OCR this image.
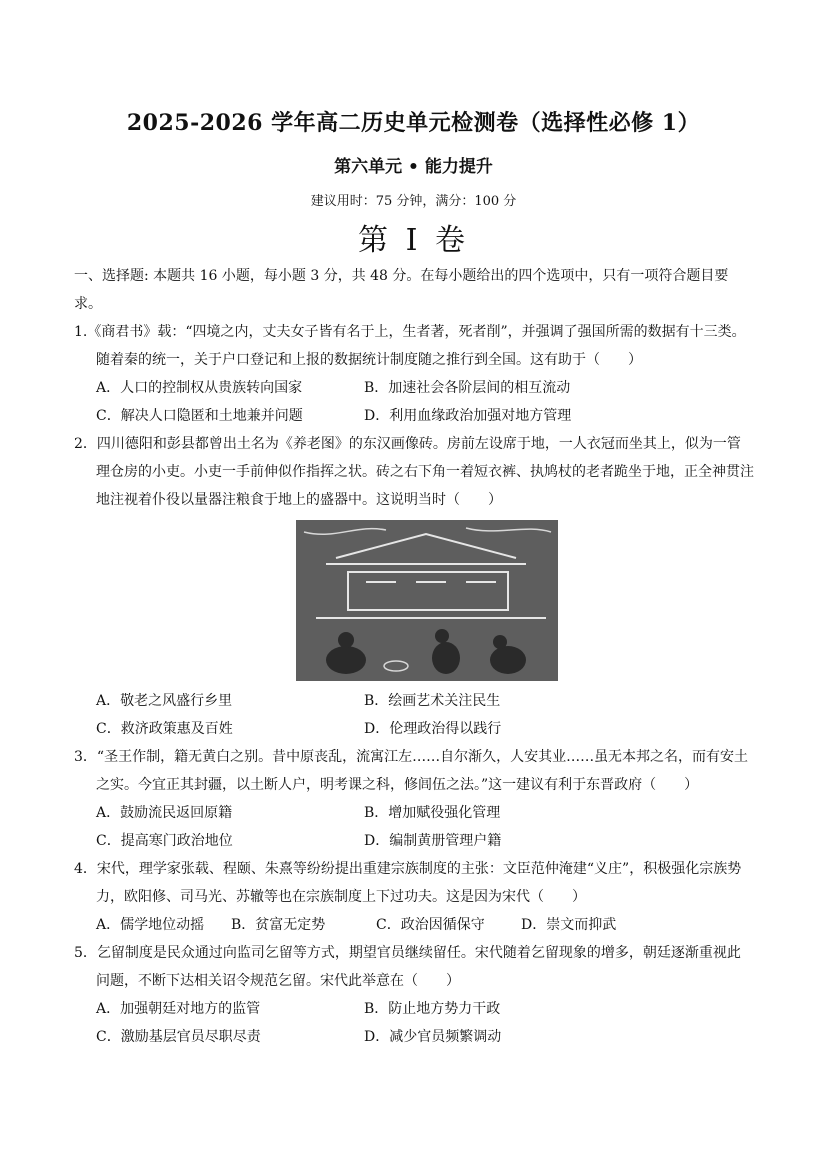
2025-2026 学年高二历史单元检测卷（选择性必修 1）
第六单元 • 能力提升
建议用时：75 分钟，满分：100 分
第 I 卷

一、选择题: 本题共 16 小题，每小题 3 分，共 48 分。在每小题给出的四个选项中，只有一项符合题目要求。

1.《商君书》载：“四境之内，丈夫女子皆有名于上，生者著，死者削”，并强调了强国所需的数据有十三类。随着秦的统一，关于户口登记和上报的数据统计制度随之推行到全国。这有助于（　　）

A．人口的控制权从贵族转向国家	B．加速社会各阶层间的相互流动
C．解决人口隐匿和土地兼并问题	D．利用血缘政治加强对地方管理

2．四川德阳和彭县都曾出土名为《养老图》的东汉画像砖。房前左设席于地，一人衣冠而坐其上，似为一管理仓房的小吏。小吏一手前伸似作指挥之状。砖之右下角一着短衣裤、执鸠杖的老者跪坐于地，正全神贯注地注视着仆役以量器注粮食于地上的盛器中。这说明当时（　　）

A．敬老之风盛行乡里	B．绘画艺术关注民生
C．救济政策惠及百姓	D．伦理政治得以践行

3．“圣王作制，籍无黄白之别。昔中原丧乱，流寓江左……自尔渐久，人安其业……虽无本邦之名，而有安土之实。今宜正其封疆，以土断人户，明考课之科，修闾伍之法。”这一建议有利于东晋政府（　　）

A．鼓励流民返回原籍	B．增加赋役强化管理
C．提高寒门政治地位	D．编制黄册管理户籍

4．宋代，理学家张载、程颐、朱熹等纷纷提出重建宗族制度的主张：文臣范仲淹建“义庄”，积极强化宗族势力，欧阳修、司马光、苏辙等也在宗族制度上下过功夫。这是因为宋代（　　）

A．儒学地位动摇	B．贫富无定势	C．政治因循保守	D．崇文而抑武

5．乞留制度是民众通过向监司乞留等方式，期望官员继续留任。宋代随着乞留现象的增多，朝廷逐渐重视此问题，不断下达相关诏令规范乞留。宋代此举意在（　　）

A．加强朝廷对地方的监管	B．防止地方势力干政
C．激励基层官员尽职尽责	D．减少官员频繁调动
